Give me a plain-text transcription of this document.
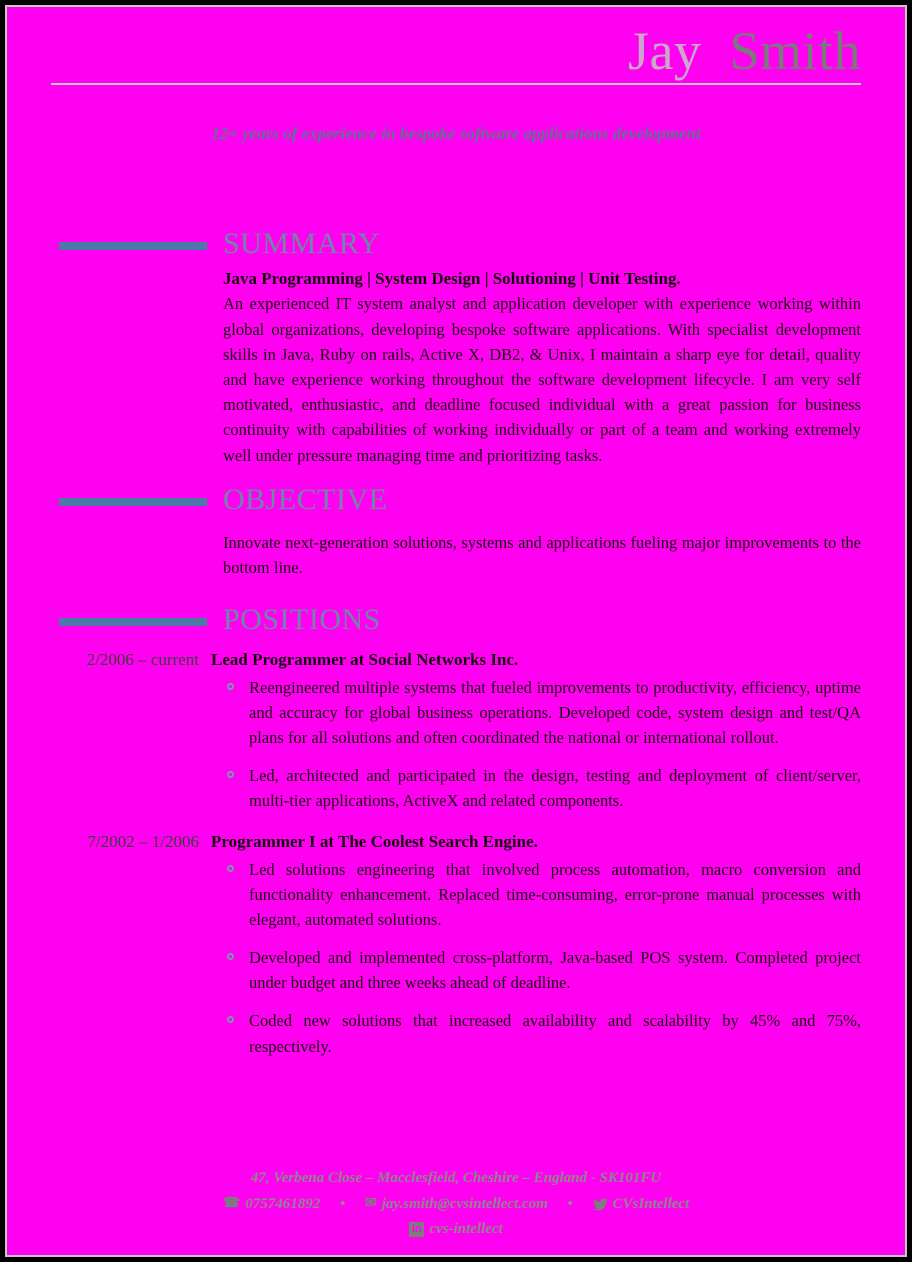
Jay Smith
12+ years of experience in bespoke software applications development
SUMMARY
Java Programming | System Design | Solutioning | Unit Testing.
An experienced IT system analyst and application developer with experience working within global organizations, developing bespoke software applications. With specialist development skills in Java, Ruby on rails, Active X, DB2, & Unix, I maintain a sharp eye for detail, quality and have experience working throughout the software development lifecycle. I am very self motivated, enthusiastic, and deadline focused individual with a great passion for business continuity with capabilities of working individually or part of a team and working extremely well under pressure managing time and prioritizing tasks.
OBJECTIVE
Innovate next-generation solutions, systems and applications fueling major improvements to the bottom line.
POSITIONS
2/2006 – current Lead Programmer at Social Networks Inc.
Reengineered multiple systems that fueled improvements to productivity, efficiency, uptime and accuracy for global business operations. Developed code, system design and test/QA plans for all solutions and often coordinated the national or international rollout.
Led, architected and participated in the design, testing and deployment of client/server, multi-tier applications, ActiveX and related components.
7/2002 – 1/2006 Programmer I at The Coolest Search Engine.
Led solutions engineering that involved process automation, macro conversion and functionality enhancement. Replaced time-consuming, error-prone manual processes with elegant, automated solutions.
Developed and implemented cross-platform, Java-based POS system. Completed project under budget and three weeks ahead of deadline.
Coded new solutions that increased availability and scalability by 45% and 75%, respectively.
47, Verbena Close – Macclesfield, Cheshire – England - SK101FU
☎ 0757461892 • ✉ jay.smith@cvsintellect.com •	CVsIntellect
in cvs-intellect
